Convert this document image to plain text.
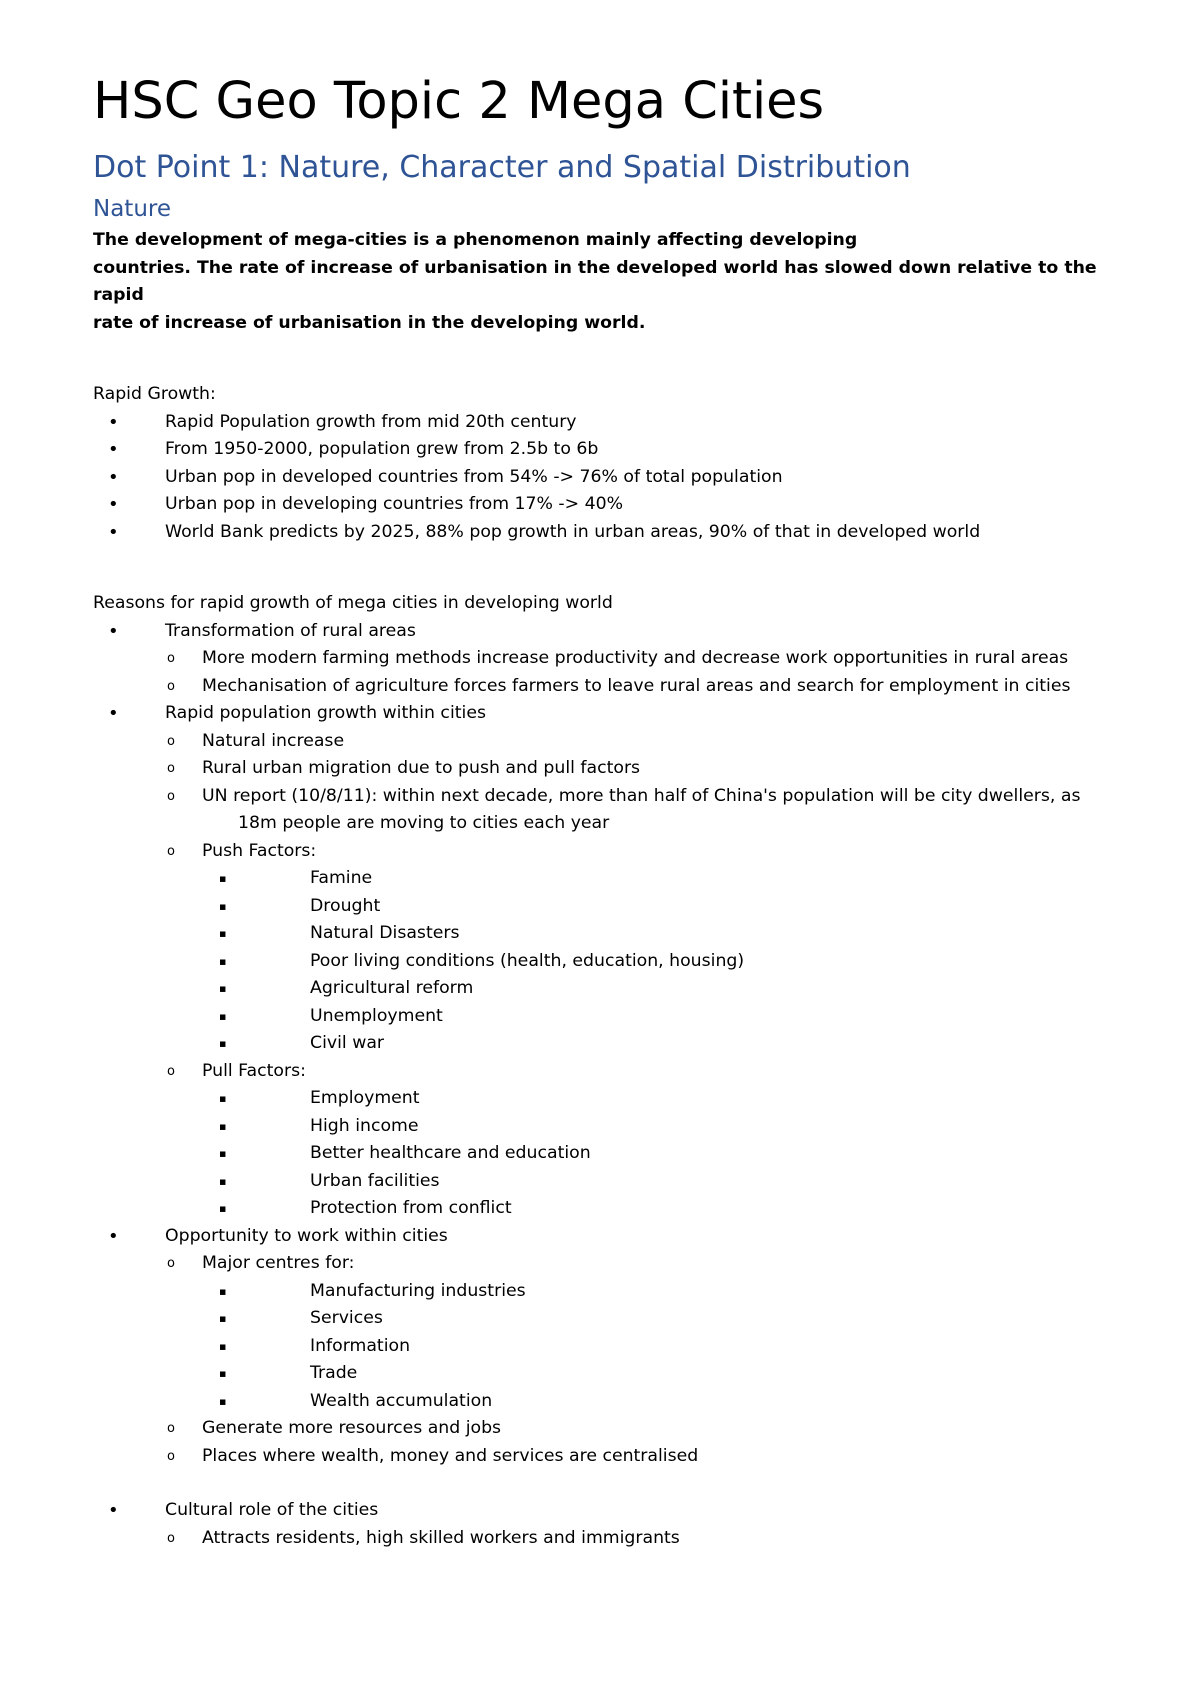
HSC Geo Topic 2 Mega Cities
Dot Point 1: Nature, Character and Spatial Distribution
Nature

The development of mega-cities is a phenomenon mainly affecting developing

countries. The rate of increase of urbanisation in the developed world has slowed down relative to the rapid

rate of increase of urbanisation in the developing world.

Rapid Growth:

•	Rapid Population growth from mid 20th century
•	From 1950-2000, population grew from 2.5b to 6b
•	Urban pop in developed countries from 54% -> 76% of total population
•	Urban pop in developing countries from 17% -> 40%
•	World Bank predicts by 2025, 88% pop growth in urban areas, 90% of that in developed world

Reasons for rapid growth of mega cities in developing world

•	Transformation of rural areas
o More modern farming methods increase productivity and decrease work opportunities in rural areas
o Mechanisation of agriculture forces farmers to leave rural areas and search for employment in cities
•	Rapid population growth within cities
o Natural increase
o Rural urban migration due to push and pull factors
o UN report (10/8/11): within next decade, more than half of China's population will be city dwellers, as 18m people are moving to cities each year
o Push Factors:
▪	Famine
▪	Drought
▪	Natural Disasters
▪	Poor living conditions (health, education, housing)
▪	Agricultural reform
▪	Unemployment
▪	Civil war
o Pull Factors:
▪	Employment
▪	High income
▪	Better healthcare and education
▪	Urban facilities
▪	Protection from conflict
•	Opportunity to work within cities
o Major centres for:
▪	Manufacturing industries
▪	Services
▪	Information
▪	Trade
▪	Wealth accumulation
o Generate more resources and jobs
o Places where wealth, money and services are centralised
•	Cultural role of the cities
o Attracts residents, high skilled workers and immigrants
